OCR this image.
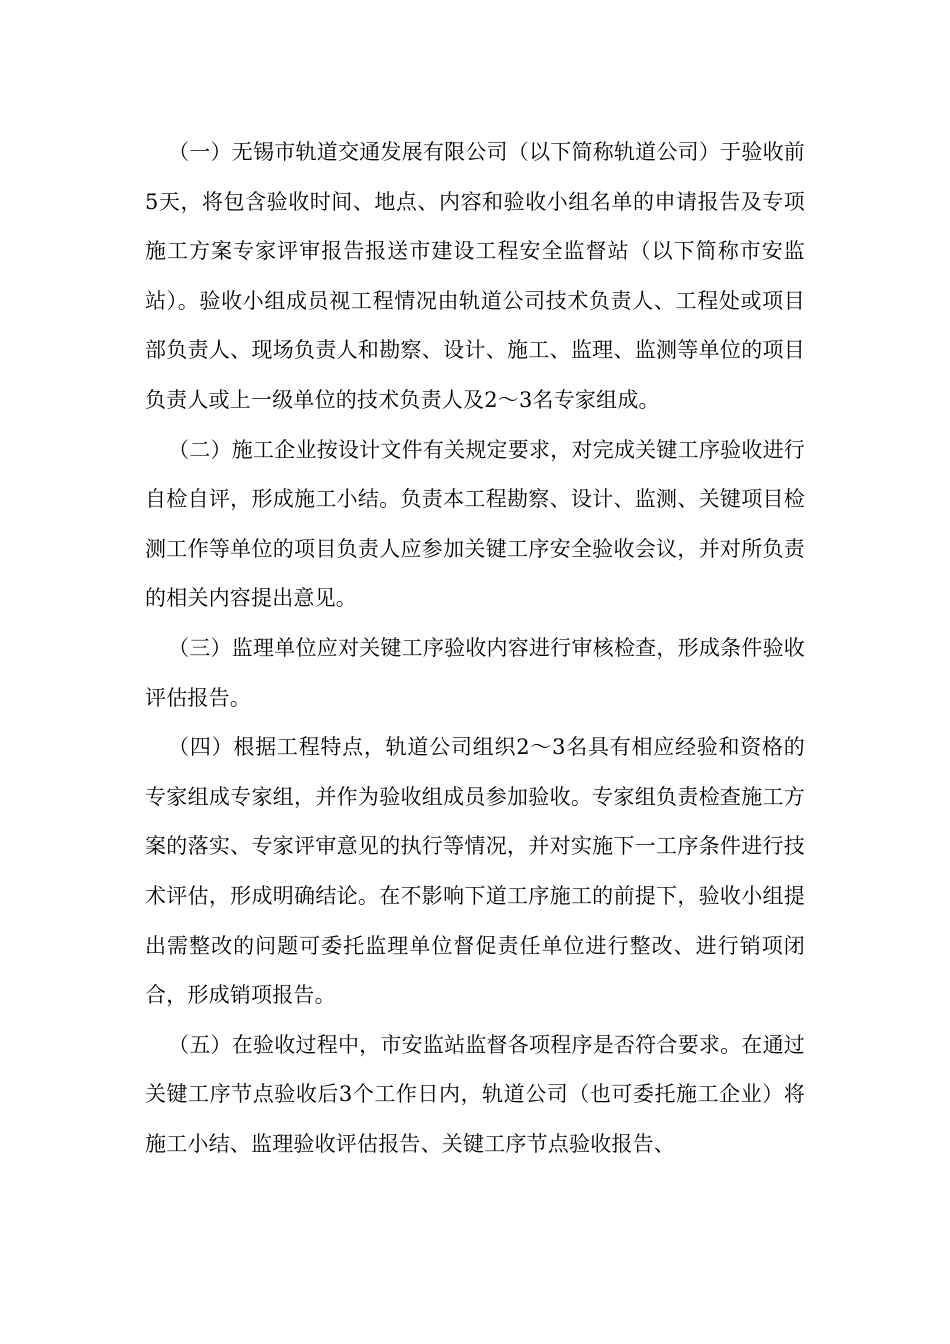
（一）无锡市轨道交通发展有限公司（以下简称轨道公司）于验收前5天，将包含验收时间、地点、内容和验收小组名单的申请报告及专项施工方案专家评审报告报送市建设工程安全监督站（以下简称市安监站）。验收小组成员视工程情况由轨道公司技术负责人、工程处或项目部负责人、现场负责人和勘察、设计、施工、监理、监测等单位的项目负责人或上一级单位的技术负责人及2～3名专家组成。

（二）施工企业按设计文件有关规定要求，对完成关键工序验收进行自检自评，形成施工小结。负责本工程勘察、设计、监测、关键项目检测工作等单位的项目负责人应参加关键工序安全验收会议，并对所负责的相关内容提出意见。

（三）监理单位应对关键工序验收内容进行审核检查，形成条件验收评估报告。

（四）根据工程特点，轨道公司组织2～3名具有相应经验和资格的专家组成专家组，并作为验收组成员参加验收。专家组负责检查施工方案的落实、专家评审意见的执行等情况，并对实施下一工序条件进行技术评估，形成明确结论。在不影响下道工序施工的前提下，验收小组提出需整改的问题可委托监理单位督促责任单位进行整改、进行销项闭合，形成销项报告。

（五）在验收过程中，市安监站监督各项程序是否符合要求。在通过关键工序节点验收后3个工作日内，轨道公司（也可委托施工企业）将施工小结、监理验收评估报告、关键工序节点验收报告、
